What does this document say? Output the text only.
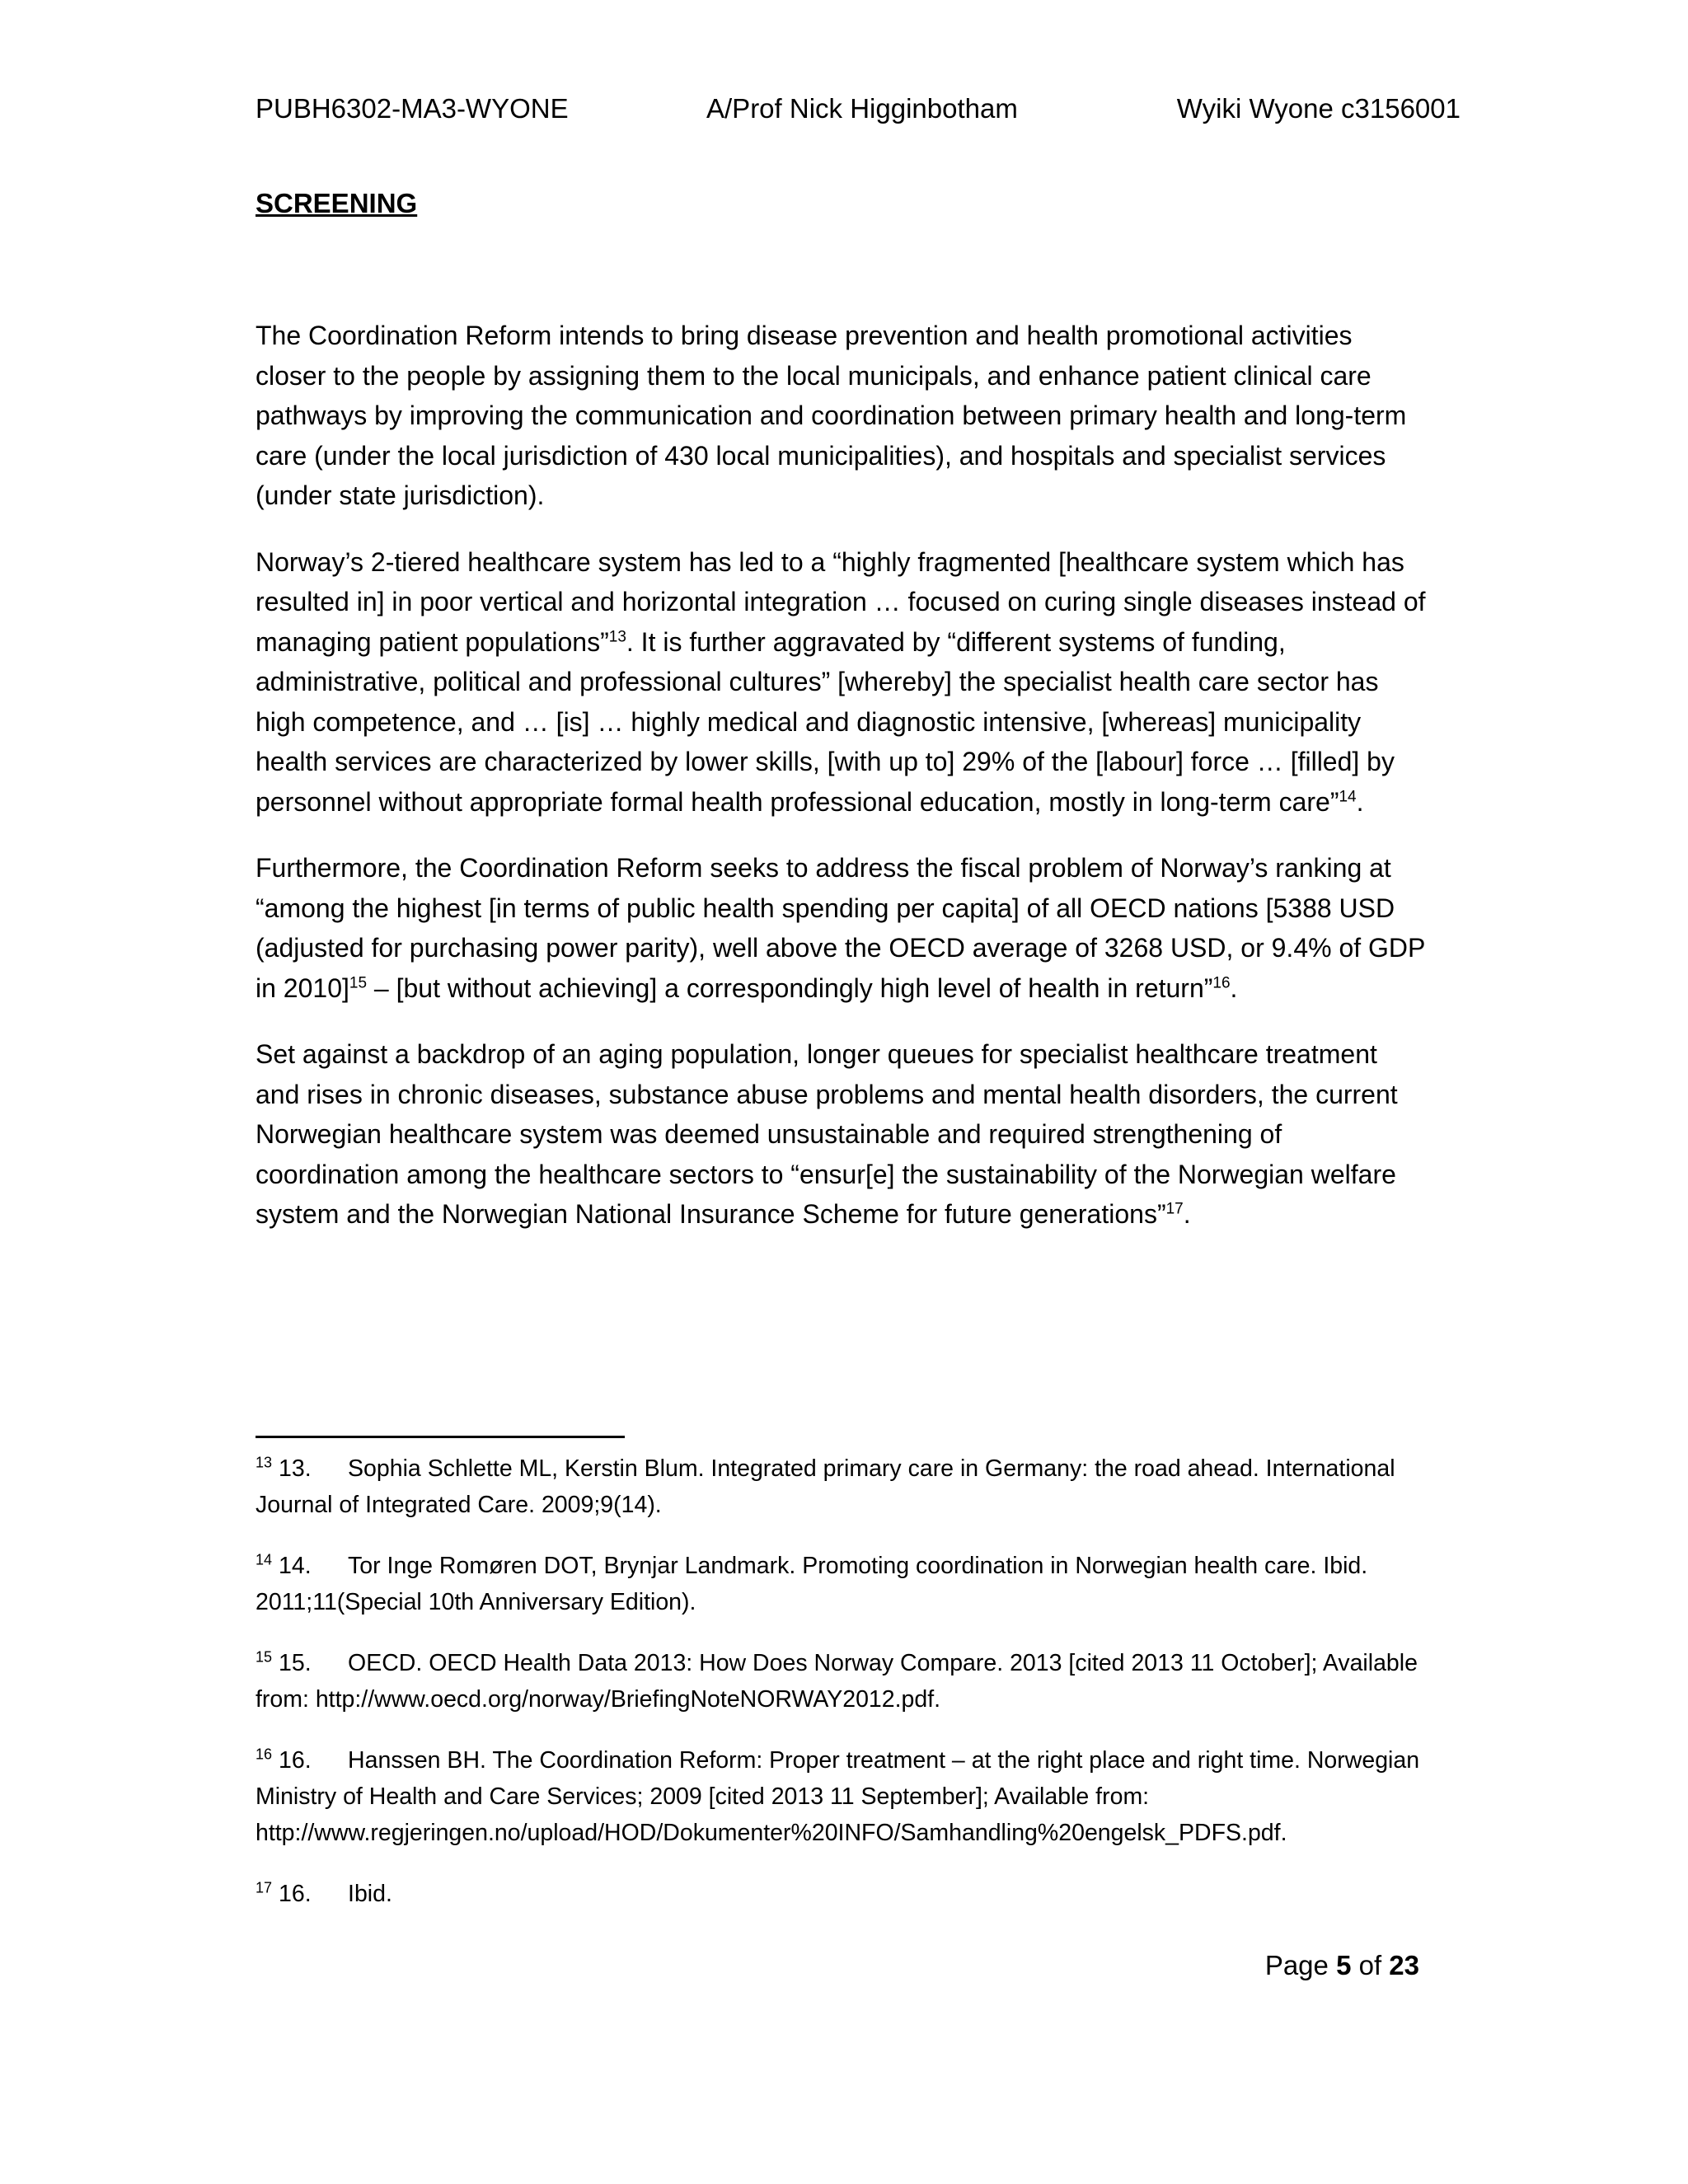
PUBH6302-MA3-WYONE	A/Prof Nick Higginbotham	Wyiki Wyone c3156001
SCREENING

The Coordination Reform intends to bring disease prevention and health promotional activities closer to the people by assigning them to the local municipals, and enhance patient clinical care pathways by improving the communication and coordination between primary health and long-term care (under the local jurisdiction of 430 local municipalities), and hospitals and specialist services (under state jurisdiction).

Norway’s 2-tiered healthcare system has led to a “highly fragmented [healthcare system which has resulted in] in poor vertical and horizontal integration … focused on curing single diseases instead of managing patient populations”$^{13}$. It is further aggravated by “different systems of funding, administrative, political and professional cultures” [whereby] the specialist health care sector has high competence, and … [is] … highly medical and diagnostic intensive, [whereas] municipality health services are characterized by lower skills, [with up to] 29% of the [labour] force … [filled] by personnel without appropriate formal health professional education, mostly in long-term care”$^{14}$.

Furthermore, the Coordination Reform seeks to address the fiscal problem of Norway’s ranking at “among the highest [in terms of public health spending per capita] of all OECD nations [5388 USD (adjusted for purchasing power parity), well above the OECD average of 3268 USD, or 9.4% of GDP in 2010]$^{15}$ – [but without achieving] a correspondingly high level of health in return”$^{16}$.

Set against a backdrop of an aging population, longer queues for specialist healthcare treatment and rises in chronic diseases, substance abuse problems and mental health disorders, the current Norwegian healthcare system was deemed unsustainable and required strengthening of coordination among the healthcare sectors to “ensur[e] the sustainability of the Norwegian welfare system and the Norwegian National Insurance Scheme for future generations”$^{17}$.

$^{13}$ 13. Sophia Schlette ML, Kerstin Blum. Integrated primary care in Germany: the road ahead. International Journal of Integrated Care. 2009;9(14).
$^{14}$ 14. Tor Inge Romøren DOT, Brynjar Landmark. Promoting coordination in Norwegian health care. Ibid. 2011;11(Special 10th Anniversary Edition).
$^{15}$ 15. OECD. OECD Health Data 2013: How Does Norway Compare. 2013 [cited 2013 11 October]; Available from: http://www.oecd.org/norway/BriefingNoteNORWAY2012.pdf.
$^{16}$ 16. Hanssen BH. The Coordination Reform: Proper treatment – at the right place and right time. Norwegian Ministry of Health and Care Services; 2009 [cited 2013 11 September]; Available from: http://www.regjeringen.no/upload/HOD/Dokumenter%20INFO/Samhandling%20engelsk_PDFS.pdf.
$^{17}$ 16. Ibid.
Page 5 of 23
